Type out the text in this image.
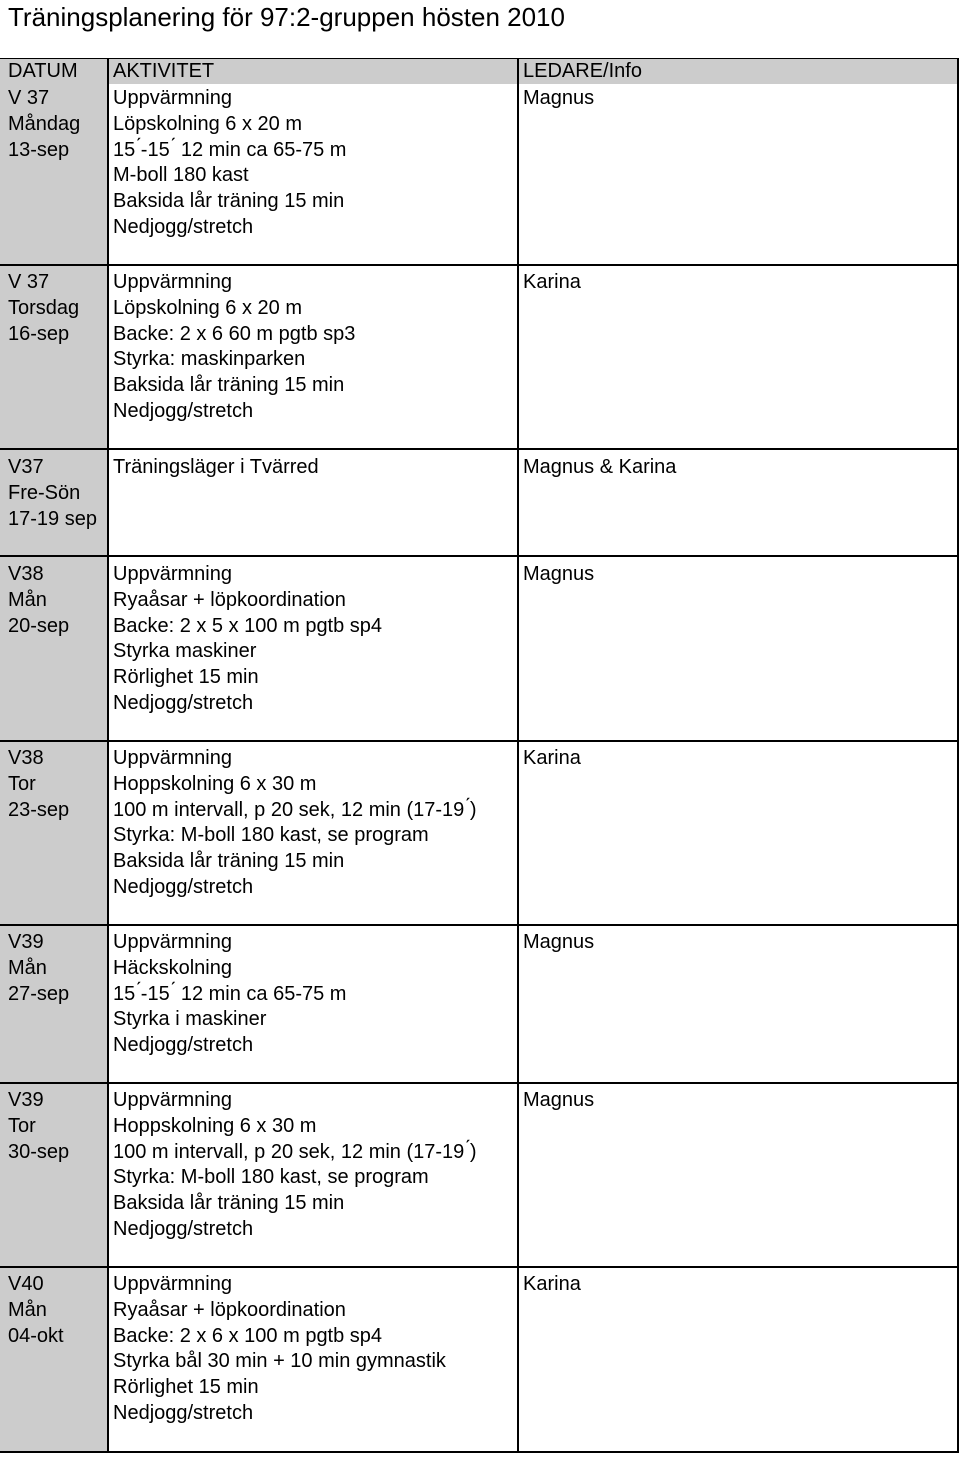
Träningsplanering för 97:2-gruppen hösten 2010
DATUM AKTIVITET	LEDARE/Info
V 37
Måndag
13-sep
Uppvärmning
Löpskolning 6 x 20 m
15 ́-15 ́ 12 min ca 65-75 m
M-boll 180 kast
Baksida lår träning 15 min
Nedjogg/stretch
Magnus
V 37
Torsdag
16-sep
Uppvärmning
Löpskolning 6 x 20 m
Backe: 2 x 6 60 m pgtb sp3
Styrka: maskinparken
Baksida lår träning 15 min
Nedjogg/stretch
Karina
V37
Fre-Sön
17-19 sep
Träningsläger i Tvärred	Magnus & Karina
V38
Mån
20-sep
Uppvärmning
Ryaåsar + löpkoordination
Backe: 2 x 5 x 100 m pgtb sp4
Styrka maskiner
Rörlighet 15 min
Nedjogg/stretch
Magnus
V38
Tor
23-sep
Uppvärmning
Hoppskolning 6 x 30 m
100 m intervall, p 20 sek, 12 min (17-19 ́)
Styrka: M-boll 180 kast, se program
Baksida lår träning 15 min
Nedjogg/stretch
Karina
V39
Mån
27-sep
Uppvärmning
Häckskolning
15 ́-15 ́ 12 min ca 65-75 m
Styrka i maskiner
Nedjogg/stretch
Magnus
V39
Tor
30-sep
Uppvärmning
Hoppskolning 6 x 30 m
100 m intervall, p 20 sek, 12 min (17-19 ́)
Styrka: M-boll 180 kast, se program
Baksida lår träning 15 min
Nedjogg/stretch
Magnus
V40
Mån
04-okt
Uppvärmning
Ryaåsar + löpkoordination
Backe: 2 x 6 x 100 m pgtb sp4
Styrka bål 30 min + 10 min gymnastik
Rörlighet 15 min
Nedjogg/stretch
Karina
